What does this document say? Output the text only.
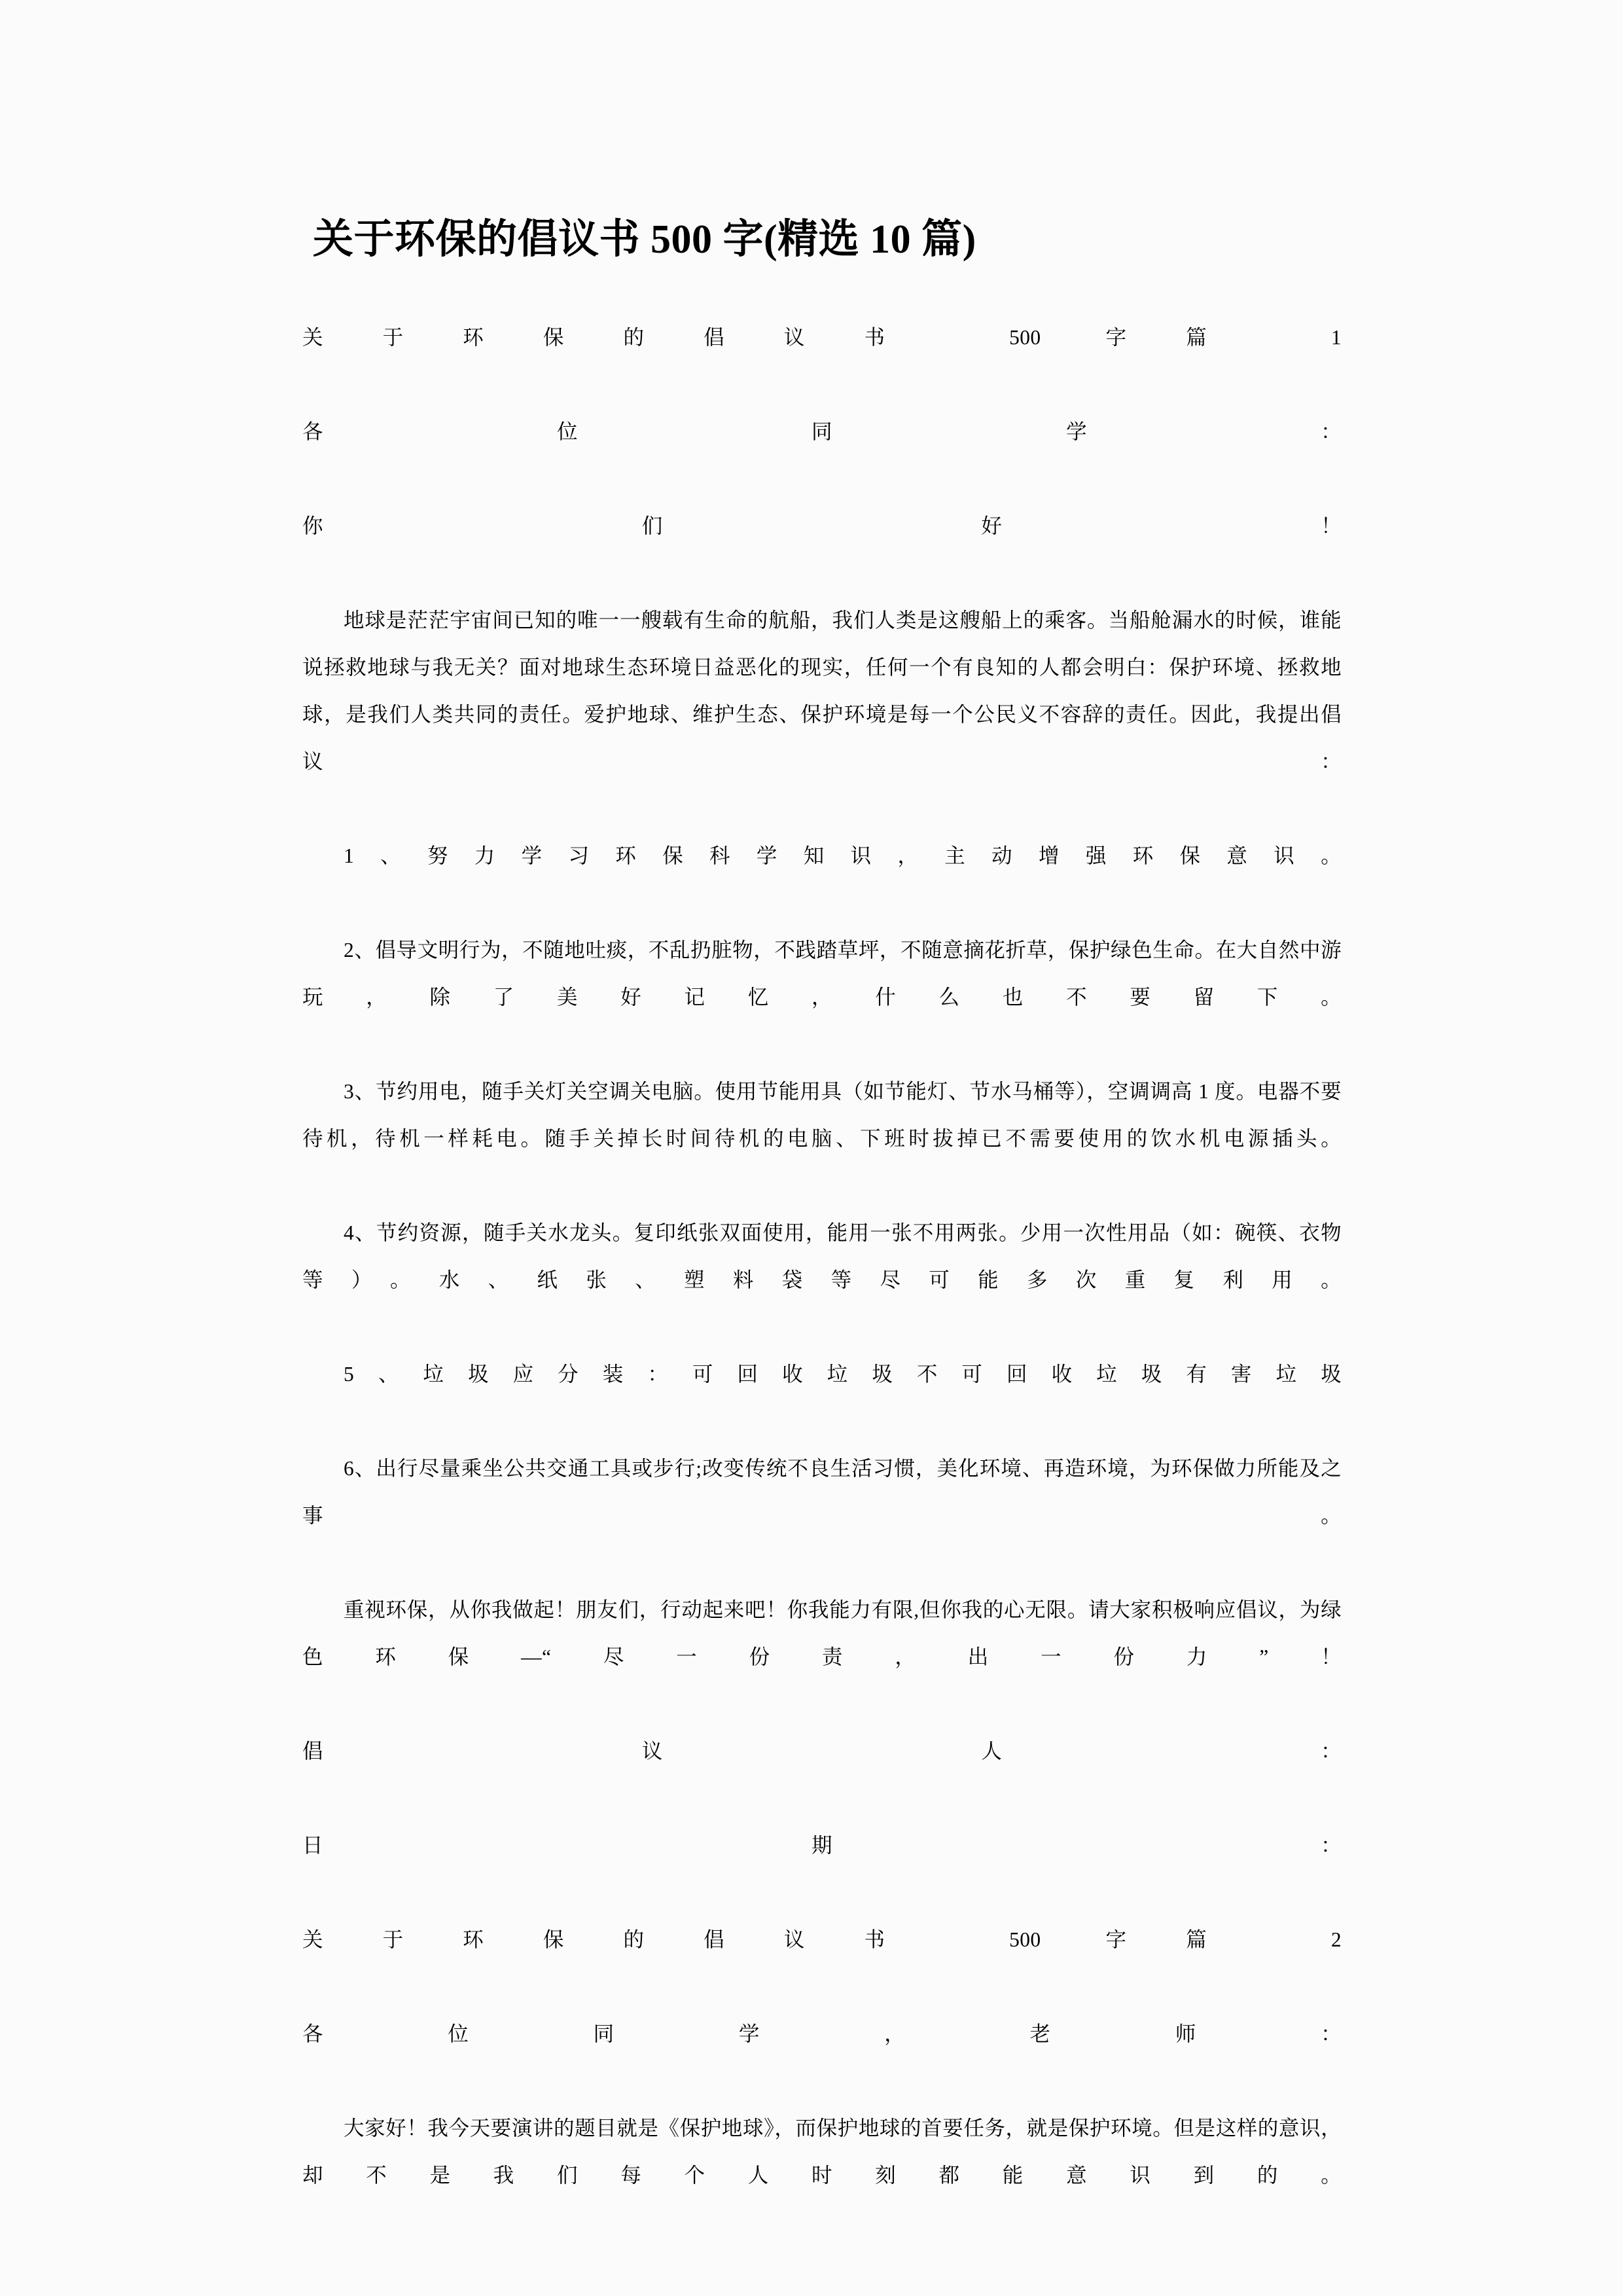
关于环保的倡议书 500 字(精选 10 篇)

关于环保的倡议书 500 字篇 1

各位同学：

你们好！

地球是茫茫宇宙间已知的唯一一艘载有生命的航船，我们人类是这艘船上的乘客。当船舱漏水的时候，谁能说拯救地球与我无关？面对地球生态环境日益恶化的现实，任何一个有良知的人都会明白：保护环境、拯救地球，是我们人类共同的责任。爱护地球、维护生态、保护环境是每一个公民义不容辞的责任。因此，我提出倡议：

1、努力学习环保科学知识，主动增强环保意识。

2、倡导文明行为，不随地吐痰，不乱扔脏物，不践踏草坪，不随意摘花折草，保护绿色生命。在大自然中游玩，除了美好记忆，什么也不要留下。

3、节约用电，随手关灯关空调关电脑。使用节能用具（如节能灯、节水马桶等），空调调高 1 度。电器不要待机，待机一样耗电。随手关掉长时间待机的电脑、下班时拔掉已不需要使用的饮水机电源插头。

4、节约资源，随手关水龙头。复印纸张双面使用，能用一张不用两张。少用一次性用品（如：碗筷、衣物等）。水、纸张、塑料袋等尽可能多次重复利用。

5、垃圾应分装：可回收垃圾不可回收垃圾有害垃圾

6、出行尽量乘坐公共交通工具或步行;改变传统不良生活习惯，美化环境、再造环境，为环保做力所能及之事。

重视环保，从你我做起！朋友们，行动起来吧！你我能力有限,但你我的心无限。请大家积极响应倡议，为绿色环保—“尽一份责，出一份力”！

倡议人：

日期：

关于环保的倡议书 500 字篇 2

各位同学，老师：

大家好！我今天要演讲的题目就是《保护地球》，而保护地球的首要任务，就是保护环境。但是这样的意识，却不是我们每个人时刻都能意识到的。
